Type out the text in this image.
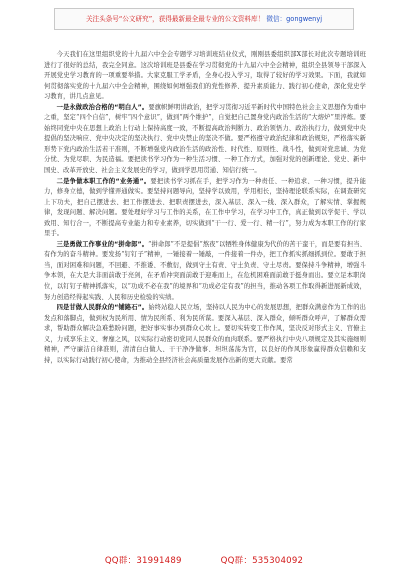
关注头条号“公文研究”，获得最新最全最专业的公文资料库！ 微信：gongwenyj

今天我们在这里组织党的十九届六中全会专题学习培训班结业仪式，刚刚县委组织部X部长对此次专题培训班进行了很好的总结，我完全同意。这次培训班是县委在学习贯彻党的十九届六中全会精神，组织全县领导干部深入开展党史学习教育的一项重要举措。大家克服工学矛盾，全身心投入学习，取得了较好的学习效果。下面，我就如何贯彻落实党的十九届六中全会精神，围绕如何增强我们的党性修养、提升素质能力、践行初心使命，深化党史学习教育，讲几点意见。

一是永做政治合格的“明白人”。要旗帜鲜明讲政治，把学习贯彻习近平新时代中国特色社会主义思想作为重中之重，坚定“四个自信”，树牢“四个意识”，做到“两个维护”，自觉把自己置身党内政治生活的“大熔炉”里淬炼。要始终同党中央在思想上政治上行动上保持高度一致，不断提高政治判断力、政治领悟力、政治执行力，做到党中央提倡的坚决响应、党中央决定的坚决执行、党中央禁止的坚决不做。要严格遵守政治纪律和政治规矩，严格落实新形势下党内政治生活若干准则，不断增强党内政治生活的政治性、时代性、原则性、战斗性，做到对党忠诚、为党分忧、为党尽职、为民造福。要把读书学习作为一种生活习惯、一种工作方式，加强对党的创新理论、党史、新中国史、改革开放史、社会主义发展史的学习，做到学思用贯通、知信行统一。

二是争做本职工作的“业务通”。要把读书学习抓在手，把学习作为一种责任、一种追求、一种习惯，提升能力，修身立德，做到学懂弄通做实。要坚持问题导向，坚持学以致用，学用相长，坚持理论联系实际，在调查研究上下功夫，把自己摆进去、把工作摆进去、把职责摆进去，深入基层、深入一线、深入群众，了解实情、掌握规律，发现问题、解决问题。要处理好学习与工作的关系，在工作中学习，在学习中工作，真正做到以学促干、学以致用、知行合一，不断提高专业能力和专业素养，切实做到“干一行、爱一行、精一行”，努力成为本职工作的行家里手。

三是勇做工作事业的“拼命郎”。“拼命郎”不是提倡“熬夜”以牺牲身体健康为代价的苦干蛮干，而是要有担当、有作为的奋斗精神。要发扬“钉钉子”精神，一锤接着一锤敲，一件接着一件办，把工作抓实抓细抓到位。要敢于担当，面对困难和问题，不回避、不推诿、不敷衍，做到守土有责、守土负责、守土尽责。要保持斗争精神，增强斗争本领，在大是大非面前敢于亮剑，在矛盾冲突面前敢于迎难而上，在危机困难面前敢于挺身而出。要立足本职岗位，以钉钉子精神抓落实，以“功成不必在我”的境界和“功成必定有我”的担当，推动各项工作取得新进展新成效，努力创造经得起实践、人民和历史检验的实绩。

四是甘做人民群众的“铺路石”。始终站稳人民立场，坚持以人民为中心的发展思想，把群众满意作为工作的出发点和落脚点，做到权为民所用、情为民所系、利为民所谋。要深入基层、深入群众，倾听群众呼声，了解群众需求，帮助群众解决急难愁盼问题，把好事实事办到群众心坎上。要切实转变工作作风，坚决反对形式主义、官僚主义，力戒享乐主义、奢靡之风，以实际行动密切党同人民群众的血肉联系。要严格执行中央八项规定及其实施细则精神，严守廉洁自律准则，清清白白做人、干干净净做事、坦坦荡荡为官，以良好的作风形象赢得群众信赖和支持，以实际行动践行初心使命，为推动全县经济社会高质量发展作出新的更大贡献。要常

QQ群：31991489	QQ群：535304092
